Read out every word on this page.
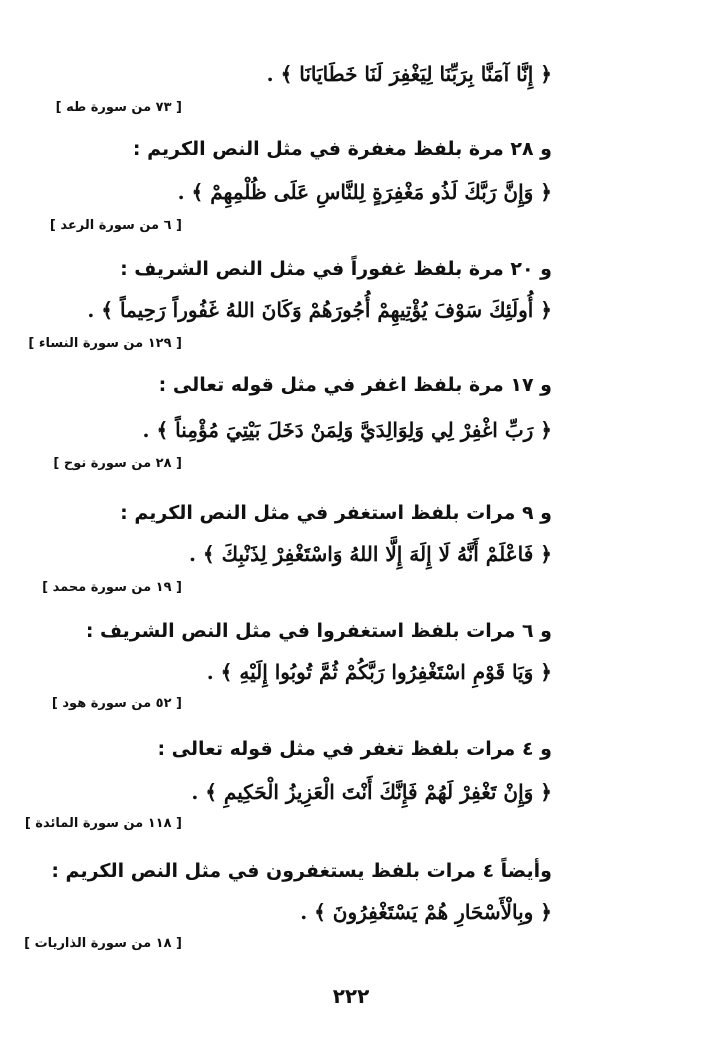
﴿ إِنَّا آمَنَّا بِرَبِّنَا لِيَغْفِرَ لَنَا خَطَايَانَا ﴾ .
[ ٧٣ من سورة طه ]
و ٢٨ مرة بلفظ مغفرة في مثل النص الكريم :
﴿ وَإِنَّ رَبَّكَ لَذُو مَغْفِرَةٍ لِلنَّاسِ عَلَى ظُلْمِهِمْ ﴾ .
[ ٦ من سورة الرعد ]
و ٢٠ مرة بلفظ غفوراً في مثل النص الشريف :
﴿ أُولَئِكَ سَوْفَ يُؤْتِيهِمْ أُجُورَهُمْ وَكَانَ اللهُ غَفُوراً رَحِيماً ﴾ .
[ ١٢٩ من سورة النساء ]
و ١٧ مرة بلفظ اغفر في مثل قوله تعالى :
﴿ رَبِّ اغْفِرْ لِي وَلِوَالِدَيَّ وَلِمَنْ دَخَلَ بَيْتِيَ مُؤْمِناً ﴾ .
[ ٢٨ من سورة نوح ]
و ٩ مرات بلفظ استغفر في مثل النص الكريم :
﴿ فَاعْلَمْ أَنَّهُ لَا إِلَهَ إِلَّا اللهُ وَاسْتَغْفِرْ لِذَنْبِكَ ﴾ .
[ ١٩ من سورة محمد ]
و ٦ مرات بلفظ استغفروا في مثل النص الشريف :
﴿ وَيَا قَوْمِ اسْتَغْفِرُوا رَبَّكُمْ ثُمَّ تُوبُوا إِلَيْهِ ﴾ .
[ ٥٢ من سورة هود ]
و ٤ مرات بلفظ تغفر في مثل قوله تعالى :
﴿ وَإِنْ تَغْفِرْ لَهُمْ فَإِنَّكَ أَنْتَ الْعَزِيزُ الْحَكِيمِ ﴾ .
[ ١١٨ من سورة المائدة ]
وأيضاً ٤ مرات بلفظ يستغفرون في مثل النص الكريم :
﴿ وبِالْأَسْحَارِ هُمْ يَسْتَغْفِرُونَ ﴾ .
[ ١٨ من سورة الذاريات ]
٢٢٢
